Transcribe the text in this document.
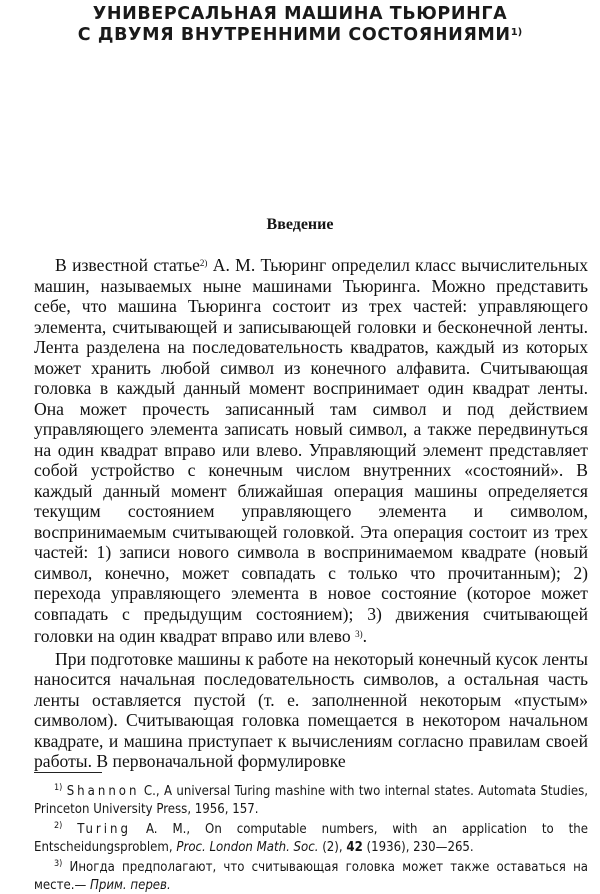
УНИВЕРСАЛЬНАЯ МАШИНА ТЬЮРИНГА
С ДВУМЯ ВНУТРЕННИМИ СОСТОЯНИЯМИ$^{1)}$
Введение

В известной статье$^{2)}$ А. М. Тьюринг определил класс вычислительных машин, называемых ныне машинами Тьюринга. Можно представить себе, что машина Тьюринга состоит из трех частей: управляющего элемента, считывающей и записывающей головки и бесконечной ленты. Лента разделена на последовательность квадратов, каждый из которых может хранить любой символ из конечного алфавита. Считывающая головка в каждый данный момент воспринимает один квадрат ленты. Она может прочесть записанный там символ и под действием управляющего элемента записать новый символ, а также передвинуться на один квадрат вправо или влево. Управляющий элемент представляет собой устройство с конечным числом внутренних «состояний». В каждый данный момент ближайшая операция машины определяется текущим состоянием управляющего элемента и символом, воспринимаемым считывающей головкой. Эта операция состоит из трех частей: 1) записи нового символа в воспринимаемом квадрате (новый символ, конечно, может совпадать с только что прочитанным); 2) перехода управляющего элемента в новое состояние (которое может совпадать с предыдущим состоянием); 3) движения считывающей головки на один квадрат вправо или влево $^{3)}$.

При подготовке машины к работе на некоторый конечный кусок ленты наносится начальная последовательность символов, а остальная часть ленты оставляется пустой (т. е. заполненной некоторым «пустым» символом). Считывающая головка помещается в некотором начальном квадрате, и машина приступает к вычислениям согласно правилам своей работы. В первоначальной формулировке

$^{1)}$ Shannon C., A universal Turing mashine with two internal states. Automata Studies, Princeton University Press, 1956, 157.

$^{2)}$ Turing A. M., On computable numbers, with an application to the Entscheidungsproblem, Proc. London Math. Soc. (2), 42 (1936), 230—265.

$^{3)}$ Иногда предполагают, что считывающая головка может также оставаться на месте.— Прим. перев.
